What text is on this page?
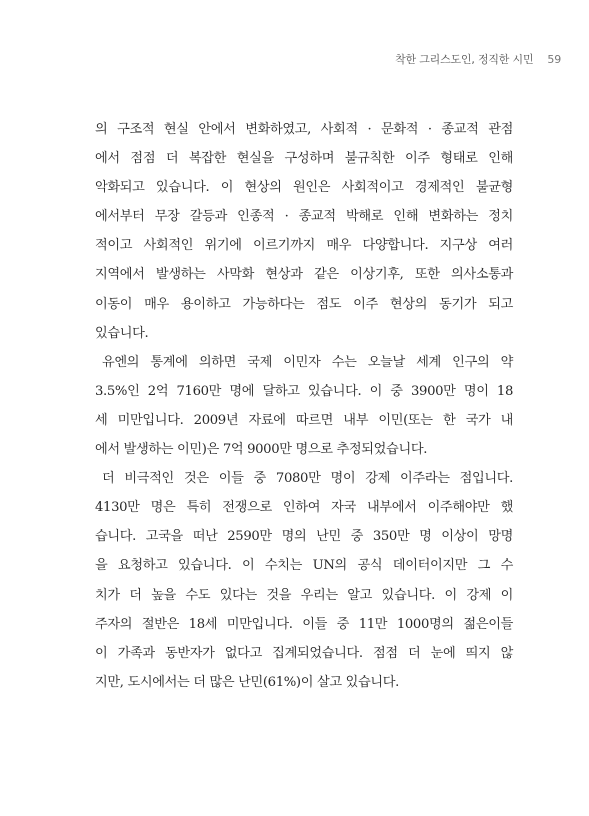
착한 그리스도인, 정직한 시민 59
의 구조적 현실 안에서 변화하였고, 사회적 · 문화적 · 종교적 관점
에서 점점 더 복잡한 현실을 구성하며 불규칙한 이주 형태로 인해
악화되고 있습니다. 이 현상의 원인은 사회적이고 경제적인 불균형
에서부터 무장 갈등과 인종적 · 종교적 박해로 인해 변화하는 정치
적이고 사회적인 위기에 이르기까지 매우 다양합니다. 지구상 여러
지역에서 발생하는 사막화 현상과 같은 이상기후, 또한 의사소통과
이동이 매우 용이하고 가능하다는 점도 이주 현상의 동기가 되고
있습니다.
유엔의 통계에 의하면 국제 이민자 수는 오늘날 세계 인구의 약
3.5%인 2억 7160만 명에 달하고 있습니다. 이 중 3900만 명이 18
세 미만입니다. 2009년 자료에 따르면 내부 이민(또는 한 국가 내
에서 발생하는 이민)은 7억 9000만 명으로 추정되었습니다.
더 비극적인 것은 이들 중 7080만 명이 강제 이주라는 점입니다.
4130만 명은 특히 전쟁으로 인하여 자국 내부에서 이주해야만 했
습니다. 고국을 떠난 2590만 명의 난민 중 350만 명 이상이 망명
을 요청하고 있습니다. 이 수치는 UN의 공식 데이터이지만 그 수
치가 더 높을 수도 있다는 것을 우리는 알고 있습니다. 이 강제 이
주자의 절반은 18세 미만입니다. 이들 중 11만 1000명의 젊은이들
이 가족과 동반자가 없다고 집계되었습니다. 점점 더 눈에 띄지 않
지만, 도시에서는 더 많은 난민(61%)이 살고 있습니다.
